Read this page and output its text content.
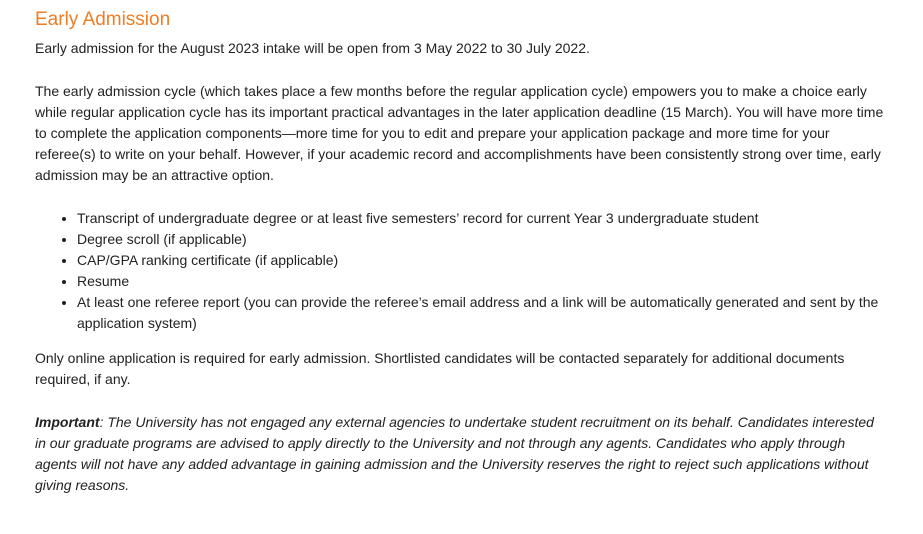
Early Admission

Early admission for the August 2023 intake will be open from 3 May 2022 to 30 July 2022.

The early admission cycle (which takes place a few months before the regular application cycle) empowers you to make a choice early while regular application cycle has its important practical advantages in the later application deadline (15 March). You will have more time to complete the application components—more time for you to edit and prepare your application package and more time for your referee(s) to write on your behalf. However, if your academic record and accomplishments have been consistently strong over time, early admission may be an attractive option.

• Transcript of undergraduate degree or at least five semesters’ record for current Year 3 undergraduate student
• Degree scroll (if applicable)
• CAP/GPA ranking certificate (if applicable)
• Resume
• At least one referee report (you can provide the referee’s email address and a link will be automatically generated and sent by the application system)

Only online application is required for early admission. Shortlisted candidates will be contacted separately for additional documents required, if any.

Important: The University has not engaged any external agencies to undertake student recruitment on its behalf. Candidates interested in our graduate programs are advised to apply directly to the University and not through any agents. Candidates who apply through agents will not have any added advantage in gaining admission and the University reserves the right to reject such applications without giving reasons.
